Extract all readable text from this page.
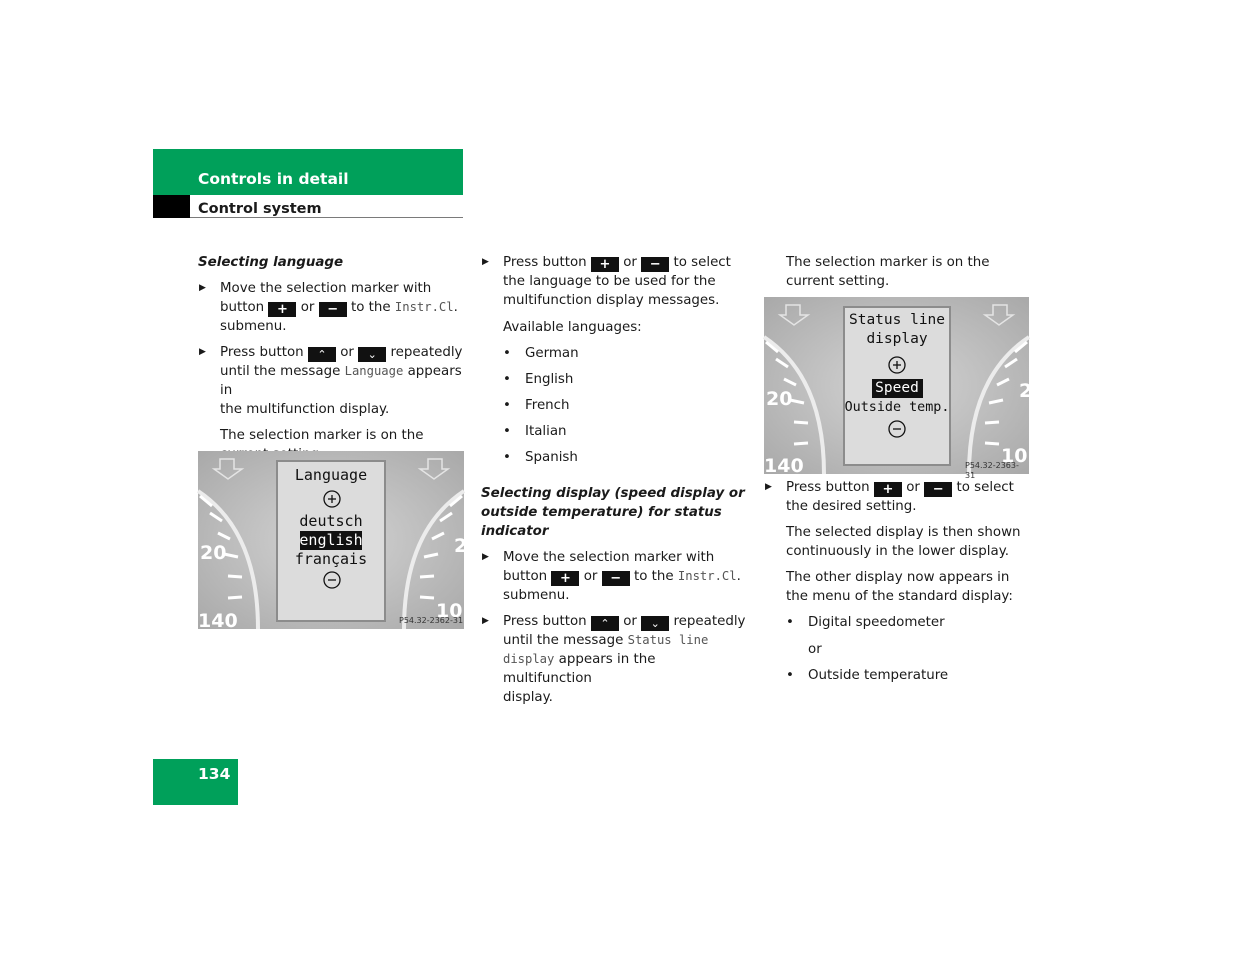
Controls in detail
Control system

Selecting language

▶ Move the selection marker with
button + or − to the Instr.Cl.
submenu.

▶ Press button ⌃ or ⌄ repeatedly
until the message Language appears in
the multifunction display.

The selection marker is on the

Language
deutsch
english
français
20
140
2
10
P54.32-2362-31

▶ Press button + or − to select
the language to be used for the
multifunction display messages.

Available languages:

• German

• English

• French

• Italian

• Spanish

Selecting display (speed display or outside temperature) for status indicator

▶ Move the selection marker with
button + or − to the Instr.Cl.
submenu.

▶ Press button ⌃ or ⌄ repeatedly
until the message Status line
display appears in the multifunction
display.

The selection marker is on the current setting.

Status line
display
Speed
Outside temp.
20
140
2
10
P54.32-2363-31

▶ Press button + or − to select
the desired setting.

The selected display is then shown continuously in the lower display.

The other display now appears in the menu of the standard display:

• Digital speedometer

or

• Outside temperature

134
